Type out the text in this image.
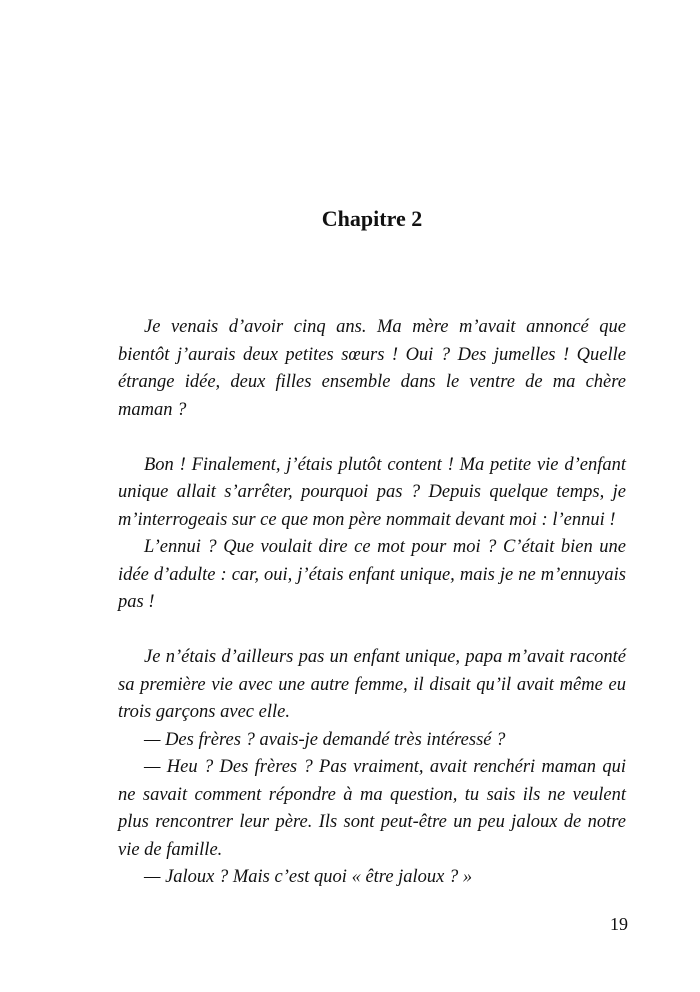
Chapitre 2

Je venais d’avoir cinq ans. Ma mère m’avait annoncé que bientôt j’aurais deux petites sœurs ! Oui ? Des jumelles ! Quelle étrange idée, deux filles ensemble dans le ventre de ma chère maman ?

Bon ! Finalement, j’étais plutôt content ! Ma petite vie d’enfant unique allait s’arrêter, pourquoi pas ? Depuis quelque temps, je m’interrogeais sur ce que mon père nommait devant moi : l’ennui !

L’ennui ? Que voulait dire ce mot pour moi ? C’était bien une idée d’adulte : car, oui, j’étais enfant unique, mais je ne m’ennuyais pas !

Je n’étais d’ailleurs pas un enfant unique, papa m’avait raconté sa première vie avec une autre femme, il disait qu’il avait même eu trois garçons avec elle.

— Des frères ? avais-je demandé très intéressé ?

— Heu ? Des frères ? Pas vraiment, avait renchéri maman qui ne savait comment répondre à ma question, tu sais ils ne veulent plus rencontrer leur père. Ils sont peut-être un peu jaloux de notre vie de famille.

— Jaloux ? Mais c’est quoi « être jaloux ? »

19
